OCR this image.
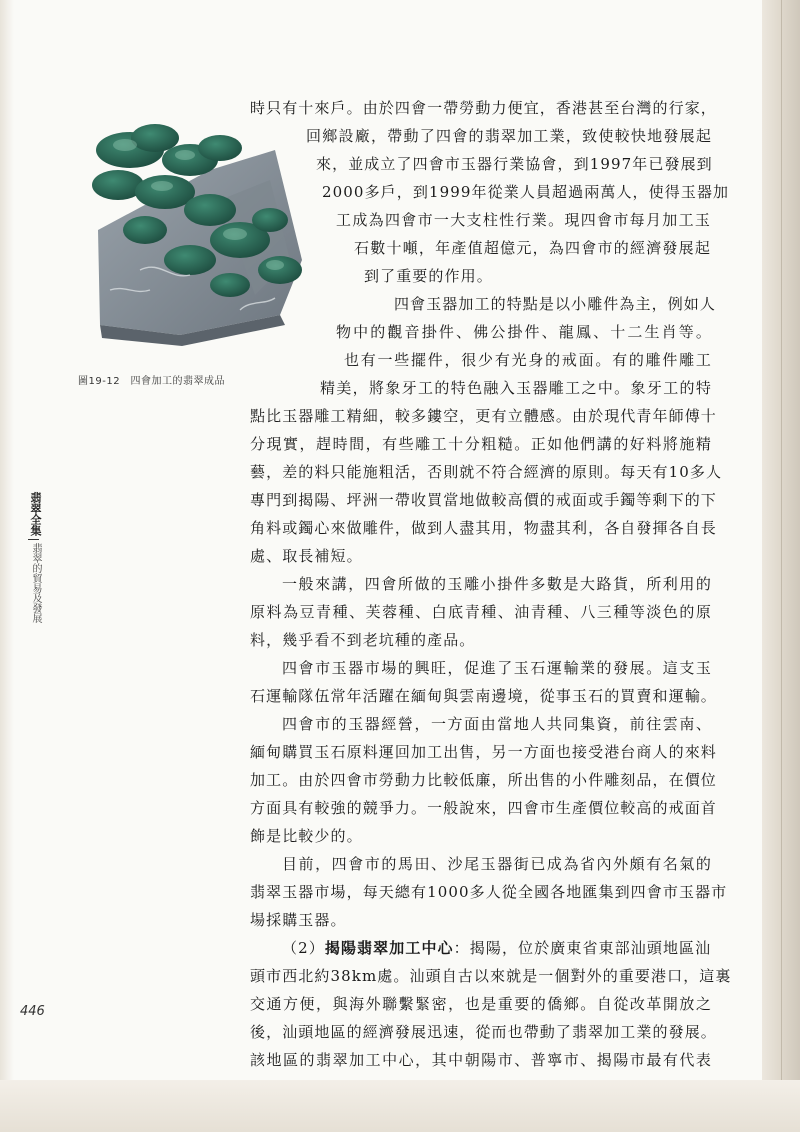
圖19-12　四會加工的翡翠成品
翡翠全集
翡翠的貿易及發展
時只有十來戶。由於四會一帶勞動力便宜，香港甚至台灣的行家，
回鄉設廠，帶動了四會的翡翠加工業，致使較快地發展起
來，並成立了四會市玉器行業協會，到1997年已發展到
2000多戶，到1999年從業人員超過兩萬人，使得玉器加
工成為四會市一大支柱性行業。現四會市每月加工玉
石數十噸，年產值超億元，為四會市的經濟發展起
到了重要的作用。
四會玉器加工的特點是以小雕件為主，例如人
物中的觀音掛件、佛公掛件、龍鳳、十二生肖等。
也有一些擺件，很少有光身的戒面。有的雕件雕工
精美，將象牙工的特色融入玉器雕工之中。象牙工的特
點比玉器雕工精細，較多鏤空，更有立體感。由於現代青年師傅十
分現實，趕時間，有些雕工十分粗糙。正如他們講的好料將施精
藝，差的料只能施粗活，否則就不符合經濟的原則。每天有10多人
專門到揭陽、坪洲一帶收買當地做較高價的戒面或手鐲等剩下的下
角料或鐲心來做雕件，做到人盡其用，物盡其利，各自發揮各自長
處、取長補短。
一般來講，四會所做的玉雕小掛件多數是大路貨，所利用的
原料為豆青種、芙蓉種、白底青種、油青種、八三種等淡色的原
料，幾乎看不到老坑種的產品。
四會市玉器市場的興旺，促進了玉石運輸業的發展。這支玉
石運輸隊伍常年活躍在緬甸與雲南邊境，從事玉石的買賣和運輸。
四會市的玉器經營，一方面由當地人共同集資，前往雲南、
緬甸購買玉石原料運回加工出售，另一方面也接受港台商人的來料
加工。由於四會市勞動力比較低廉，所出售的小件雕刻品，在價位
方面具有較強的競爭力。一般說來，四會市生產價位較高的戒面首
飾是比較少的。
目前，四會市的馬田、沙尾玉器街已成為省內外頗有名氣的
翡翠玉器市場，每天總有1000多人從全國各地匯集到四會市玉器市
場採購玉器。
（2） 揭陽翡翠加工中心 ：揭陽，位於廣東省東部汕頭地區汕
頭市西北約38km處。汕頭自古以來就是一個對外的重要港口，這裏
交通方便，與海外聯繫緊密，也是重要的僑鄉。自從改革開放之
後，汕頭地區的經濟發展迅速，從而也帶動了翡翠加工業的發展。
該地區的翡翠加工中心，其中朝陽市、普寧市、揭陽市最有代表
446
